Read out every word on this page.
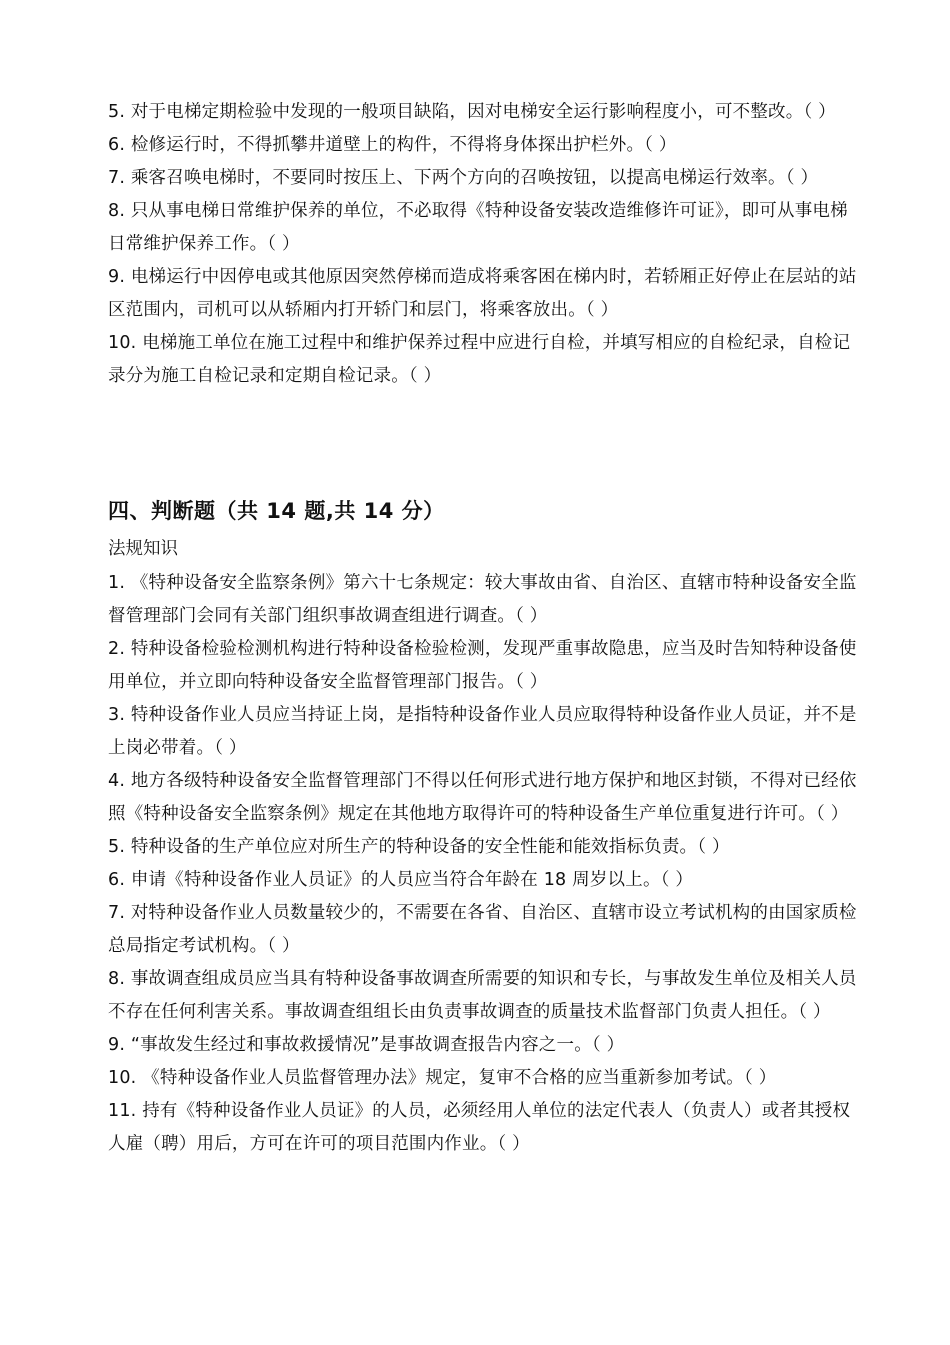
5. 对于电梯定期检验中发现的一般项目缺陷，因对电梯安全运行影响程度小，可不整改。（ ）

6. 检修运行时，不得抓攀井道壁上的构件，不得将身体探出护栏外。（ ）

7. 乘客召唤电梯时，不要同时按压上、下两个方向的召唤按钮，以提高电梯运行效率。（ ）

8. 只从事电梯日常维护保养的单位，不必取得《特种设备安装改造维修许可证》，即可从事电梯日常维护保养工作。（ ）

9. 电梯运行中因停电或其他原因突然停梯而造成将乘客困在梯内时，若轿厢正好停止在层站的站区范围内，司机可以从轿厢内打开轿门和层门，将乘客放出。（ ）

10. 电梯施工单位在施工过程中和维护保养过程中应进行自检，并填写相应的自检纪录，自检记录分为施工自检记录和定期自检记录。（ ）

四、判断题（共 14 题,共 14 分）

法规知识

1. 《特种设备安全监察条例》第六十七条规定：较大事故由省、自治区、直辖市特种设备安全监督管理部门会同有关部门组织事故调查组进行调查。（ ）

2. 特种设备检验检测机构进行特种设备检验检测，发现严重事故隐患，应当及时告知特种设备使用单位，并立即向特种设备安全监督管理部门报告。（ ）

3. 特种设备作业人员应当持证上岗，是指特种设备作业人员应取得特种设备作业人员证，并不是上岗必带着。（ ）

4. 地方各级特种设备安全监督管理部门不得以任何形式进行地方保护和地区封锁，不得对已经依照《特种设备安全监察条例》规定在其他地方取得许可的特种设备生产单位重复进行许可。（ ）

5. 特种设备的生产单位应对所生产的特种设备的安全性能和能效指标负责。（ ）

6. 申请《特种设备作业人员证》的人员应当符合年龄在 18 周岁以上。（ ）

7. 对特种设备作业人员数量较少的，不需要在各省、自治区、直辖市设立考试机构的由国家质检总局指定考试机构。（ ）

8. 事故调查组成员应当具有特种设备事故调查所需要的知识和专长，与事故发生单位及相关人员不存在任何利害关系。事故调查组组长由负责事故调查的质量技术监督部门负责人担任。（ ）

9. “事故发生经过和事故救援情况”是事故调查报告内容之一。（ ）

10. 《特种设备作业人员监督管理办法》规定，复审不合格的应当重新参加考试。（ ）

11. 持有《特种设备作业人员证》的人员，必须经用人单位的法定代表人（负责人）或者其授权人雇（聘）用后，方可在许可的项目范围内作业。（ ）
